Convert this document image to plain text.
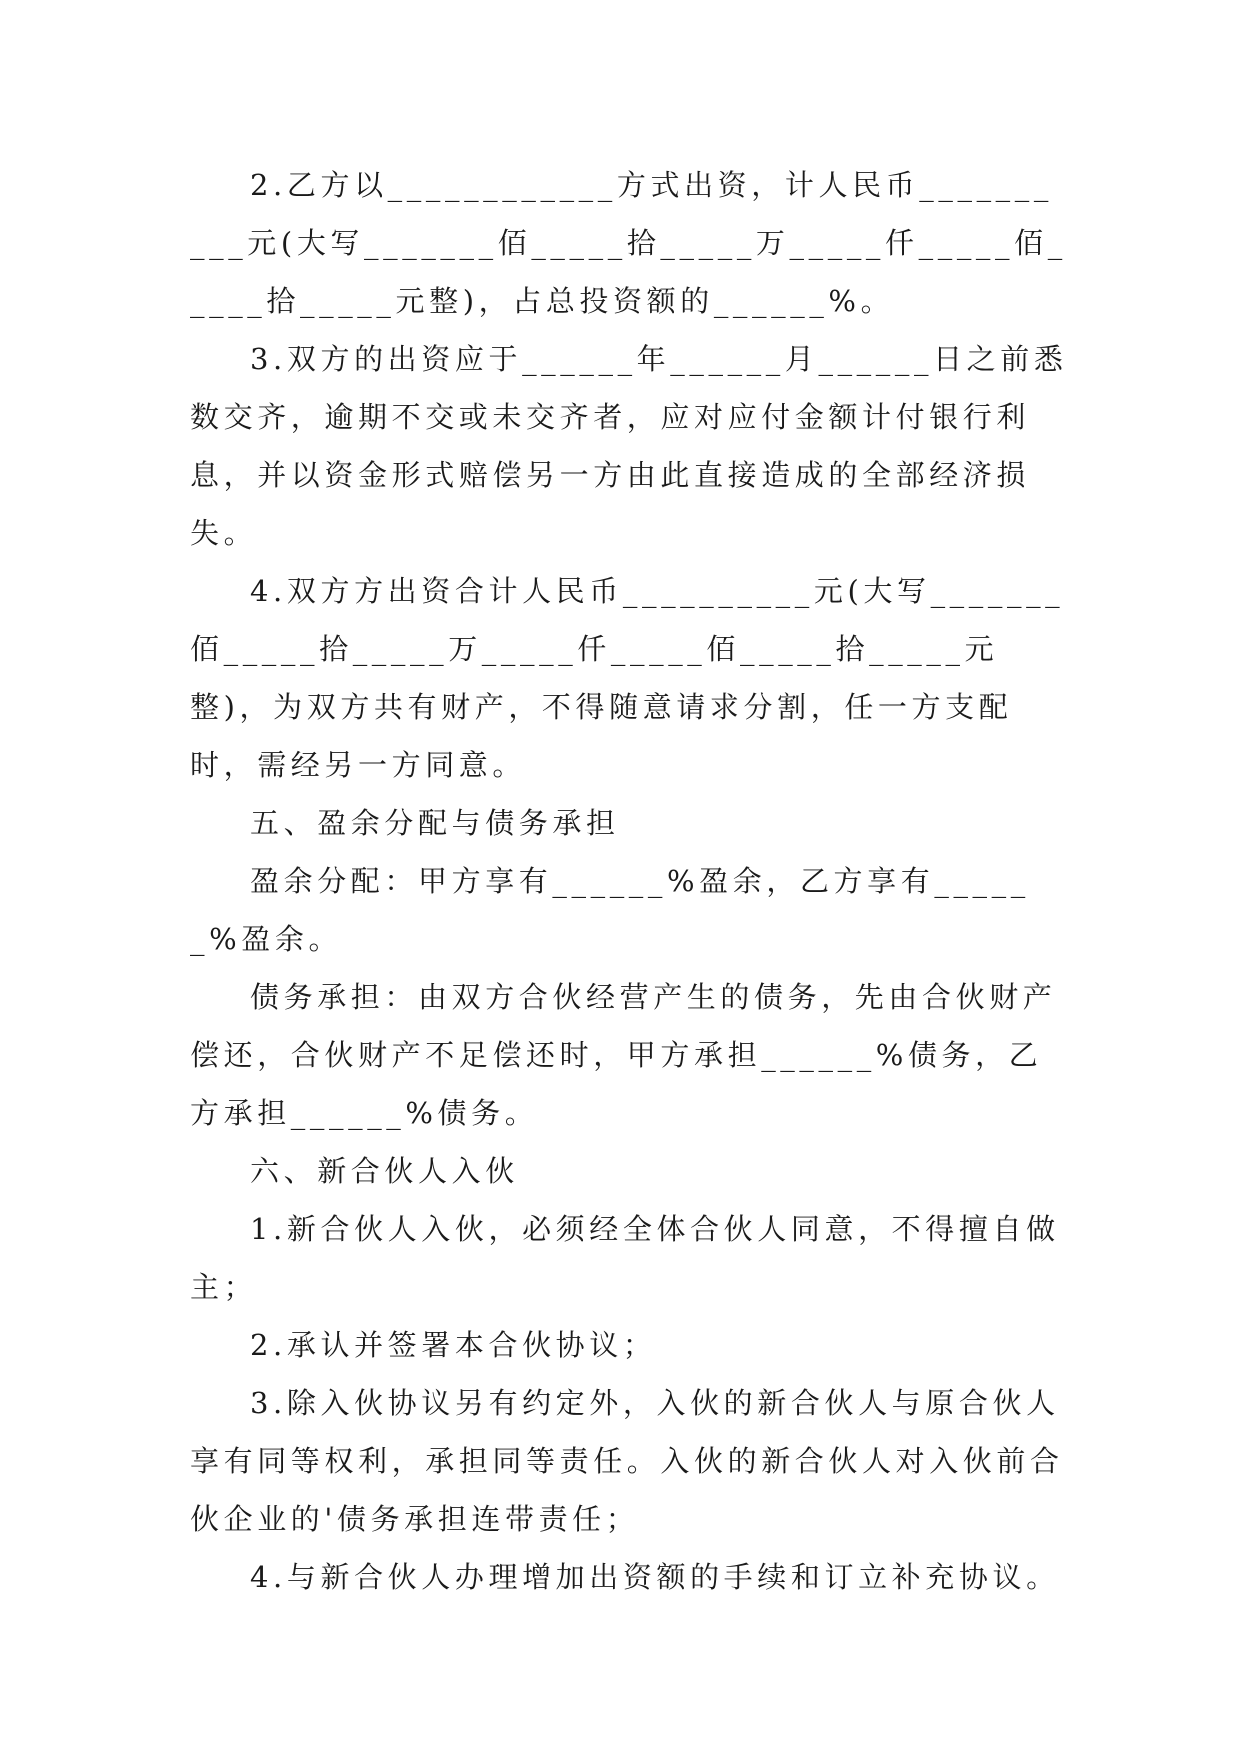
2.乙方以____________方式出资，计人民币__________元(大写_______佰_____拾_____万_____仟_____佰_____拾_____元整)，占总投资额的______%。

3.双方的出资应于______年______月______日之前悉数交齐，逾期不交或未交齐者，应对应付金额计付银行利息，并以资金形式赔偿另一方由此直接造成的全部经济损失。

4.双方方出资合计人民币__________元(大写_______佰_____拾_____万_____仟_____佰_____拾_____元整)，为双方共有财产，不得随意请求分割，任一方支配时，需经另一方同意。

五、盈余分配与债务承担

盈余分配：甲方享有______%盈余，乙方享有______%盈余。

债务承担：由双方合伙经营产生的债务，先由合伙财产偿还，合伙财产不足偿还时，甲方承担______%债务，乙方承担______%债务。

六、新合伙人入伙

1.新合伙人入伙，必须经全体合伙人同意，不得擅自做主；

2.承认并签署本合伙协议；

3.除入伙协议另有约定外，入伙的新合伙人与原合伙人享有同等权利，承担同等责任。入伙的新合伙人对入伙前合伙企业的'债务承担连带责任；

4.与新合伙人办理增加出资额的手续和订立补充协议。
